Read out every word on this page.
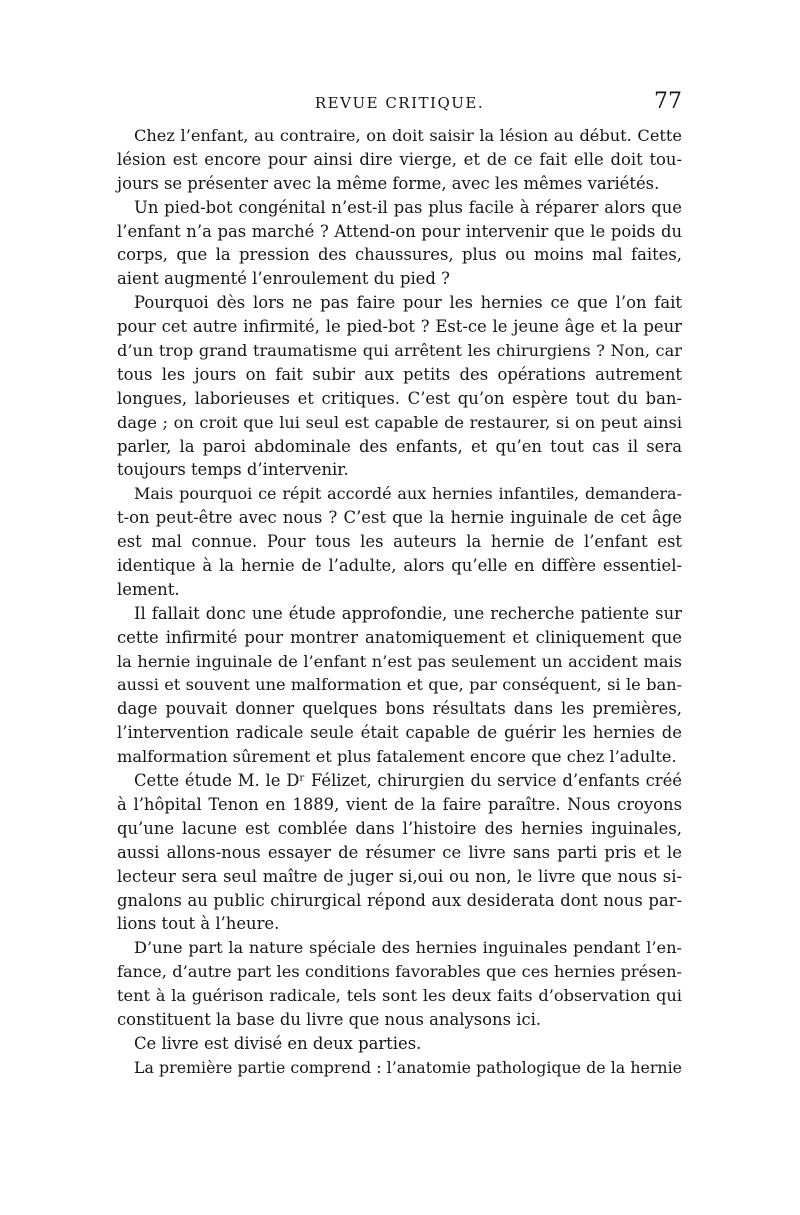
REVUE CRITIQUE.	77
Chez l’enfant, au contraire, on doit saisir la lésion au début. Cette
lésion est encore pour ainsi dire vierge, et de ce fait elle doit tou-
jours se présenter avec la même forme, avec les mêmes variétés.
Un pied-bot congénital n’est-il pas plus facile à réparer alors que
l’enfant n’a pas marché ? Attend-on pour intervenir que le poids du
corps, que la pression des chaussures, plus ou moins mal faites,
aient augmenté l’enroulement du pied ?
Pourquoi dès lors ne pas faire pour les hernies ce que l’on fait
pour cet autre infirmité, le pied-bot ? Est-ce le jeune âge et la peur
d’un trop grand traumatisme qui arrêtent les chirurgiens ? Non, car
tous les jours on fait subir aux petits des opérations autrement
longues, laborieuses et critiques. C’est qu’on espère tout du ban-
dage ; on croit que lui seul est capable de restaurer, si on peut ainsi
parler, la paroi abdominale des enfants, et qu’en tout cas il sera
toujours temps d’intervenir.
Mais pourquoi ce répit accordé aux hernies infantiles, demandera-
t-on peut-être avec nous ? C’est que la hernie inguinale de cet âge
est mal connue. Pour tous les auteurs la hernie de l’enfant est
identique à la hernie de l’adulte, alors qu’elle en diffère essentiel-
lement.
Il fallait donc une étude approfondie, une recherche patiente sur
cette infirmité pour montrer anatomiquement et cliniquement que
la hernie inguinale de l’enfant n’est pas seulement un accident mais
aussi et souvent une malformation et que, par conséquent, si le ban-
dage pouvait donner quelques bons résultats dans les premières,
l’intervention radicale seule était capable de guérir les hernies de
malformation sûrement et plus fatalement encore que chez l’adulte.
Cette étude M. le Dʳ Félizet, chirurgien du service d’enfants créé
à l’hôpital Tenon en 1889, vient de la faire paraître. Nous croyons
qu’une lacune est comblée dans l’histoire des hernies inguinales,
aussi allons-nous essayer de résumer ce livre sans parti pris et le
lecteur sera seul maître de juger si,oui ou non, le livre que nous si-
gnalons au public chirurgical répond aux desiderata dont nous par-
lions tout à l’heure.
D’une part la nature spéciale des hernies inguinales pendant l’en-
fance, d’autre part les conditions favorables que ces hernies présen-
tent à la guérison radicale, tels sont les deux faits d’observation qui
constituent la base du livre que nous analysons ici.
Ce livre est divisé en deux parties.
La première partie comprend : l’anatomie pathologique de la hernie
